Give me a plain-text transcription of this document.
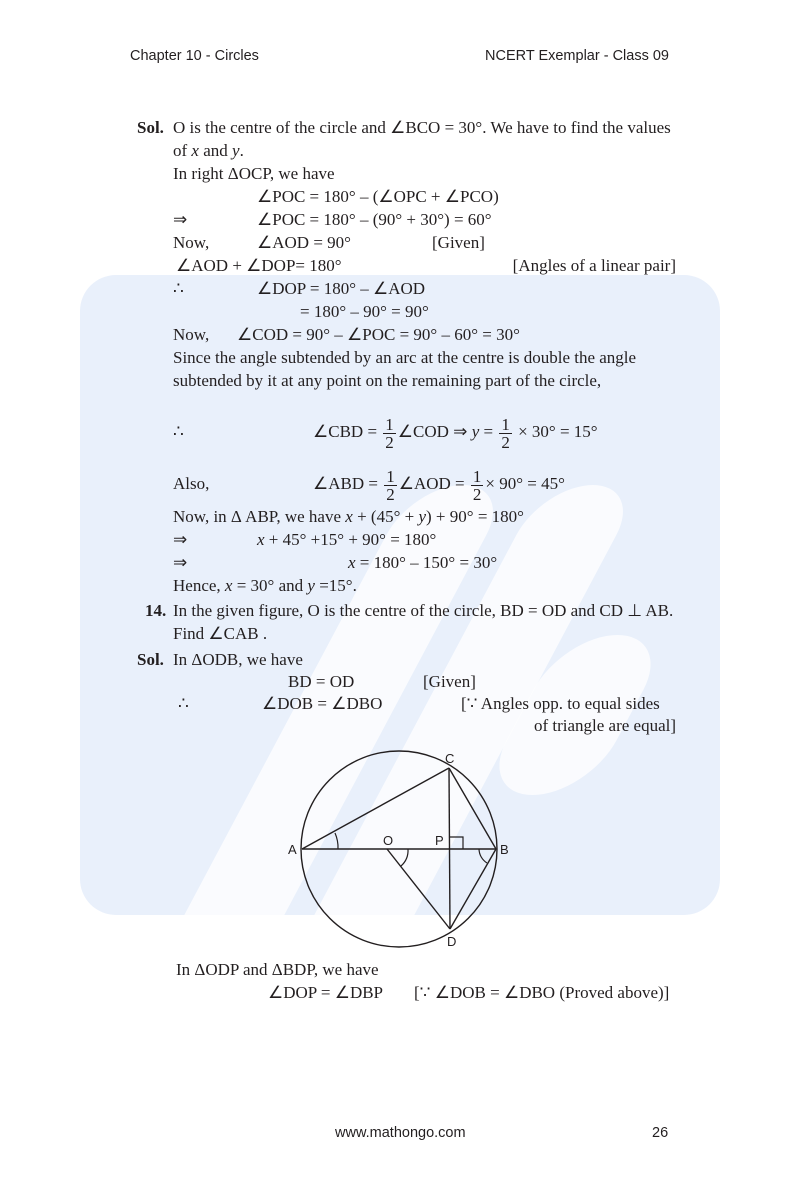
Chapter 10 - Circles	NCERT Exemplar - Class 09
Sol. O is the centre of the circle and ∠BCO = 30°. We have to find the values
of x and y.
In right ΔOCP, we have
∠POC = 180° – (∠OPC + ∠PCO)
⇒	∠POC = 180° – (90° + 30°) = 60°
Now,	∠AOD = 90°	[Given]
∠AOD + ∠DOP= 180°	[Angles of a linear pair]
∴	∠DOP = 180° – ∠AOD
= 180° – 90° = 90°
Now, ∠COD = 90° – ∠POC = 90° – 60° = 30°
Since the angle subtended by an arc at the centre is double the angle
subtended by it at any point on the remaining part of the circle,
∴	∠CBD = $\frac{1}{2}$ ∠COD ⇒ $y = \frac{1}{2} \times 30^\circ = 15^\circ$
Also,	∠ABD = $\frac{1}{2}$ ∠AOD = $\frac{1}{2} \times 90^\circ = 45^\circ$
Now, in Δ ABP, we have x + (45° + y) + 90° = 180°
⇒	x + 45° +15° + 90° = 180°
⇒	x = 180° – 150° = 30°
Hence, x = 30° and y =15°.
14. In the given figure, O is the centre of the circle, BD = OD and CD ⊥ AB.
Find ∠CAB .
Sol. In ΔODB, we have
BD = OD	[Given]
∴	∠DOB = ∠DBO	[∵ Angles opp. to equal sides
of triangle are equal]
A	B
C
D
O	P
In ΔODP and ΔBDP, we have
∠DOP = ∠DBP [∵ ∠DOB = ∠DBO (Proved above)]
www.mathongo.com	26
